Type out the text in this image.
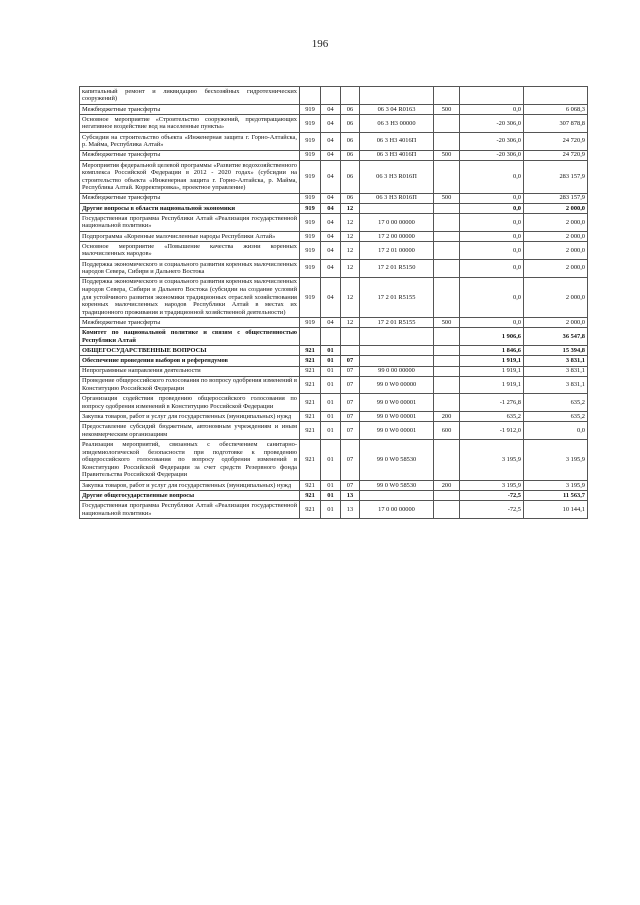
196
капитальный ремонт и ликвидацию бесхозяйных гидротехнических сооружений)							
Межбюджетные трансферты	919	04	06	06 3 04 R0163	500	0,0	6 068,3
Основное мероприятие «Строительство сооружений, предотвращающих негативное воздействие вод на населенные пункты»	919	04	06	06 3 Н3 00000		-20 306,0	307 878,8
Субсидии на строительство объекта «Инженерная защита г. Горно-Алтайска, р. Майма, Республика Алтай»	919	04	06	06 3 Н3 4016П		-20 306,0	24 720,9
Межбюджетные трансферты	919	04	06	06 3 Н3 4016П	500	-20 306,0	24 720,9
Мероприятия федеральной целевой программы «Развитие водохозяйственного комплекса Российской Федерации в 2012 - 2020 годах» (субсидии на строительство объекта «Инженерная защита г. Горно-Алтайска, р. Майма, Республика Алтай. Корректировка», проектное управление)	919	04	06	06 3 Н3 R016П		0,0	283 157,9
Межбюджетные трансферты	919	04	06	06 3 Н3 R016П	500	0,0	283 157,9
Другие вопросы в области национальной экономики	919	04	12			0,0	2 000,0
Государственная программа Республики Алтай «Реализация государственной национальной политики»	919	04	12	17 0 00 00000		0,0	2 000,0
Подпрограмма «Коренные малочисленные народы Республики Алтай»	919	04	12	17 2 00 00000		0,0	2 000,0
Основное мероприятие «Повышение качества жизни коренных малочисленных народов»	919	04	12	17 2 01 00000		0,0	2 000,0
Поддержка экономического и социального развития коренных малочисленных народов Севера, Сибири и Дальнего Востока	919	04	12	17 2 01 R5150		0,0	2 000,0
Поддержка экономического и социального развития коренных малочисленных народов Севера, Сибири и Дальнего Востока (субсидии на создание условий для устойчивого развития экономики традиционных отраслей хозяйствования коренных малочисленных народов Республики Алтай в местах их традиционного проживания и традиционной хозяйственной деятельности)	919	04	12	17 2 01 R5155		0,0	2 000,0
Межбюджетные трансферты	919	04	12	17 2 01 R5155	500	0,0	2 000,0
Комитет по национальной политике и связям с общественностью Республики Алтай						1 906,6	36 547,8
ОБЩЕГОСУДАРСТВЕННЫЕ ВОПРОСЫ	921	01				1 846,6	15 394,8
Обеспечение проведения выборов и референдумов	921	01	07			1 919,1	3 831,1
Непрограммные направления деятельности	921	01	07	99 0 00 00000		1 919,1	3 831,1
Проведение общероссийского голосования по вопросу одобрения изменений в Конституцию Российской Федерации	921	01	07	99 0 W0 00000		1 919,1	3 831,1
Организация содействия проведению общероссийского голосования по вопросу одобрения изменений в Конституцию Российской Федерации	921	01	07	99 0 W0 00001		-1 276,8	635,2
Закупка товаров, работ и услуг для государственных (муниципальных) нужд	921	01	07	99 0 W0 00001	200	635,2	635,2
Предоставление субсидий бюджетным, автономным учреждениям и иным некоммерческим организациям	921	01	07	99 0 W0 00001	600	-1 912,0	0,0
Реализация мероприятий, связанных с обеспечением санитарно-эпидемиологической безопасности при подготовке к проведению общероссийского голосования по вопросу одобрения изменений в Конституцию Российской Федерации за счет средств Резервного фонда Правительства Российской Федерации	921	01	07	99 0 W0 58530		3 195,9	3 195,9
Закупка товаров, работ и услуг для государственных (муниципальных) нужд	921	01	07	99 0 W0 58530	200	3 195,9	3 195,9
Другие общегосударственные вопросы	921	01	13			-72,5	11 563,7
Государственная программа Республики Алтай «Реализация государственной национальной политики»	921	01	13	17 0 00 00000		-72,5	10 144,1
